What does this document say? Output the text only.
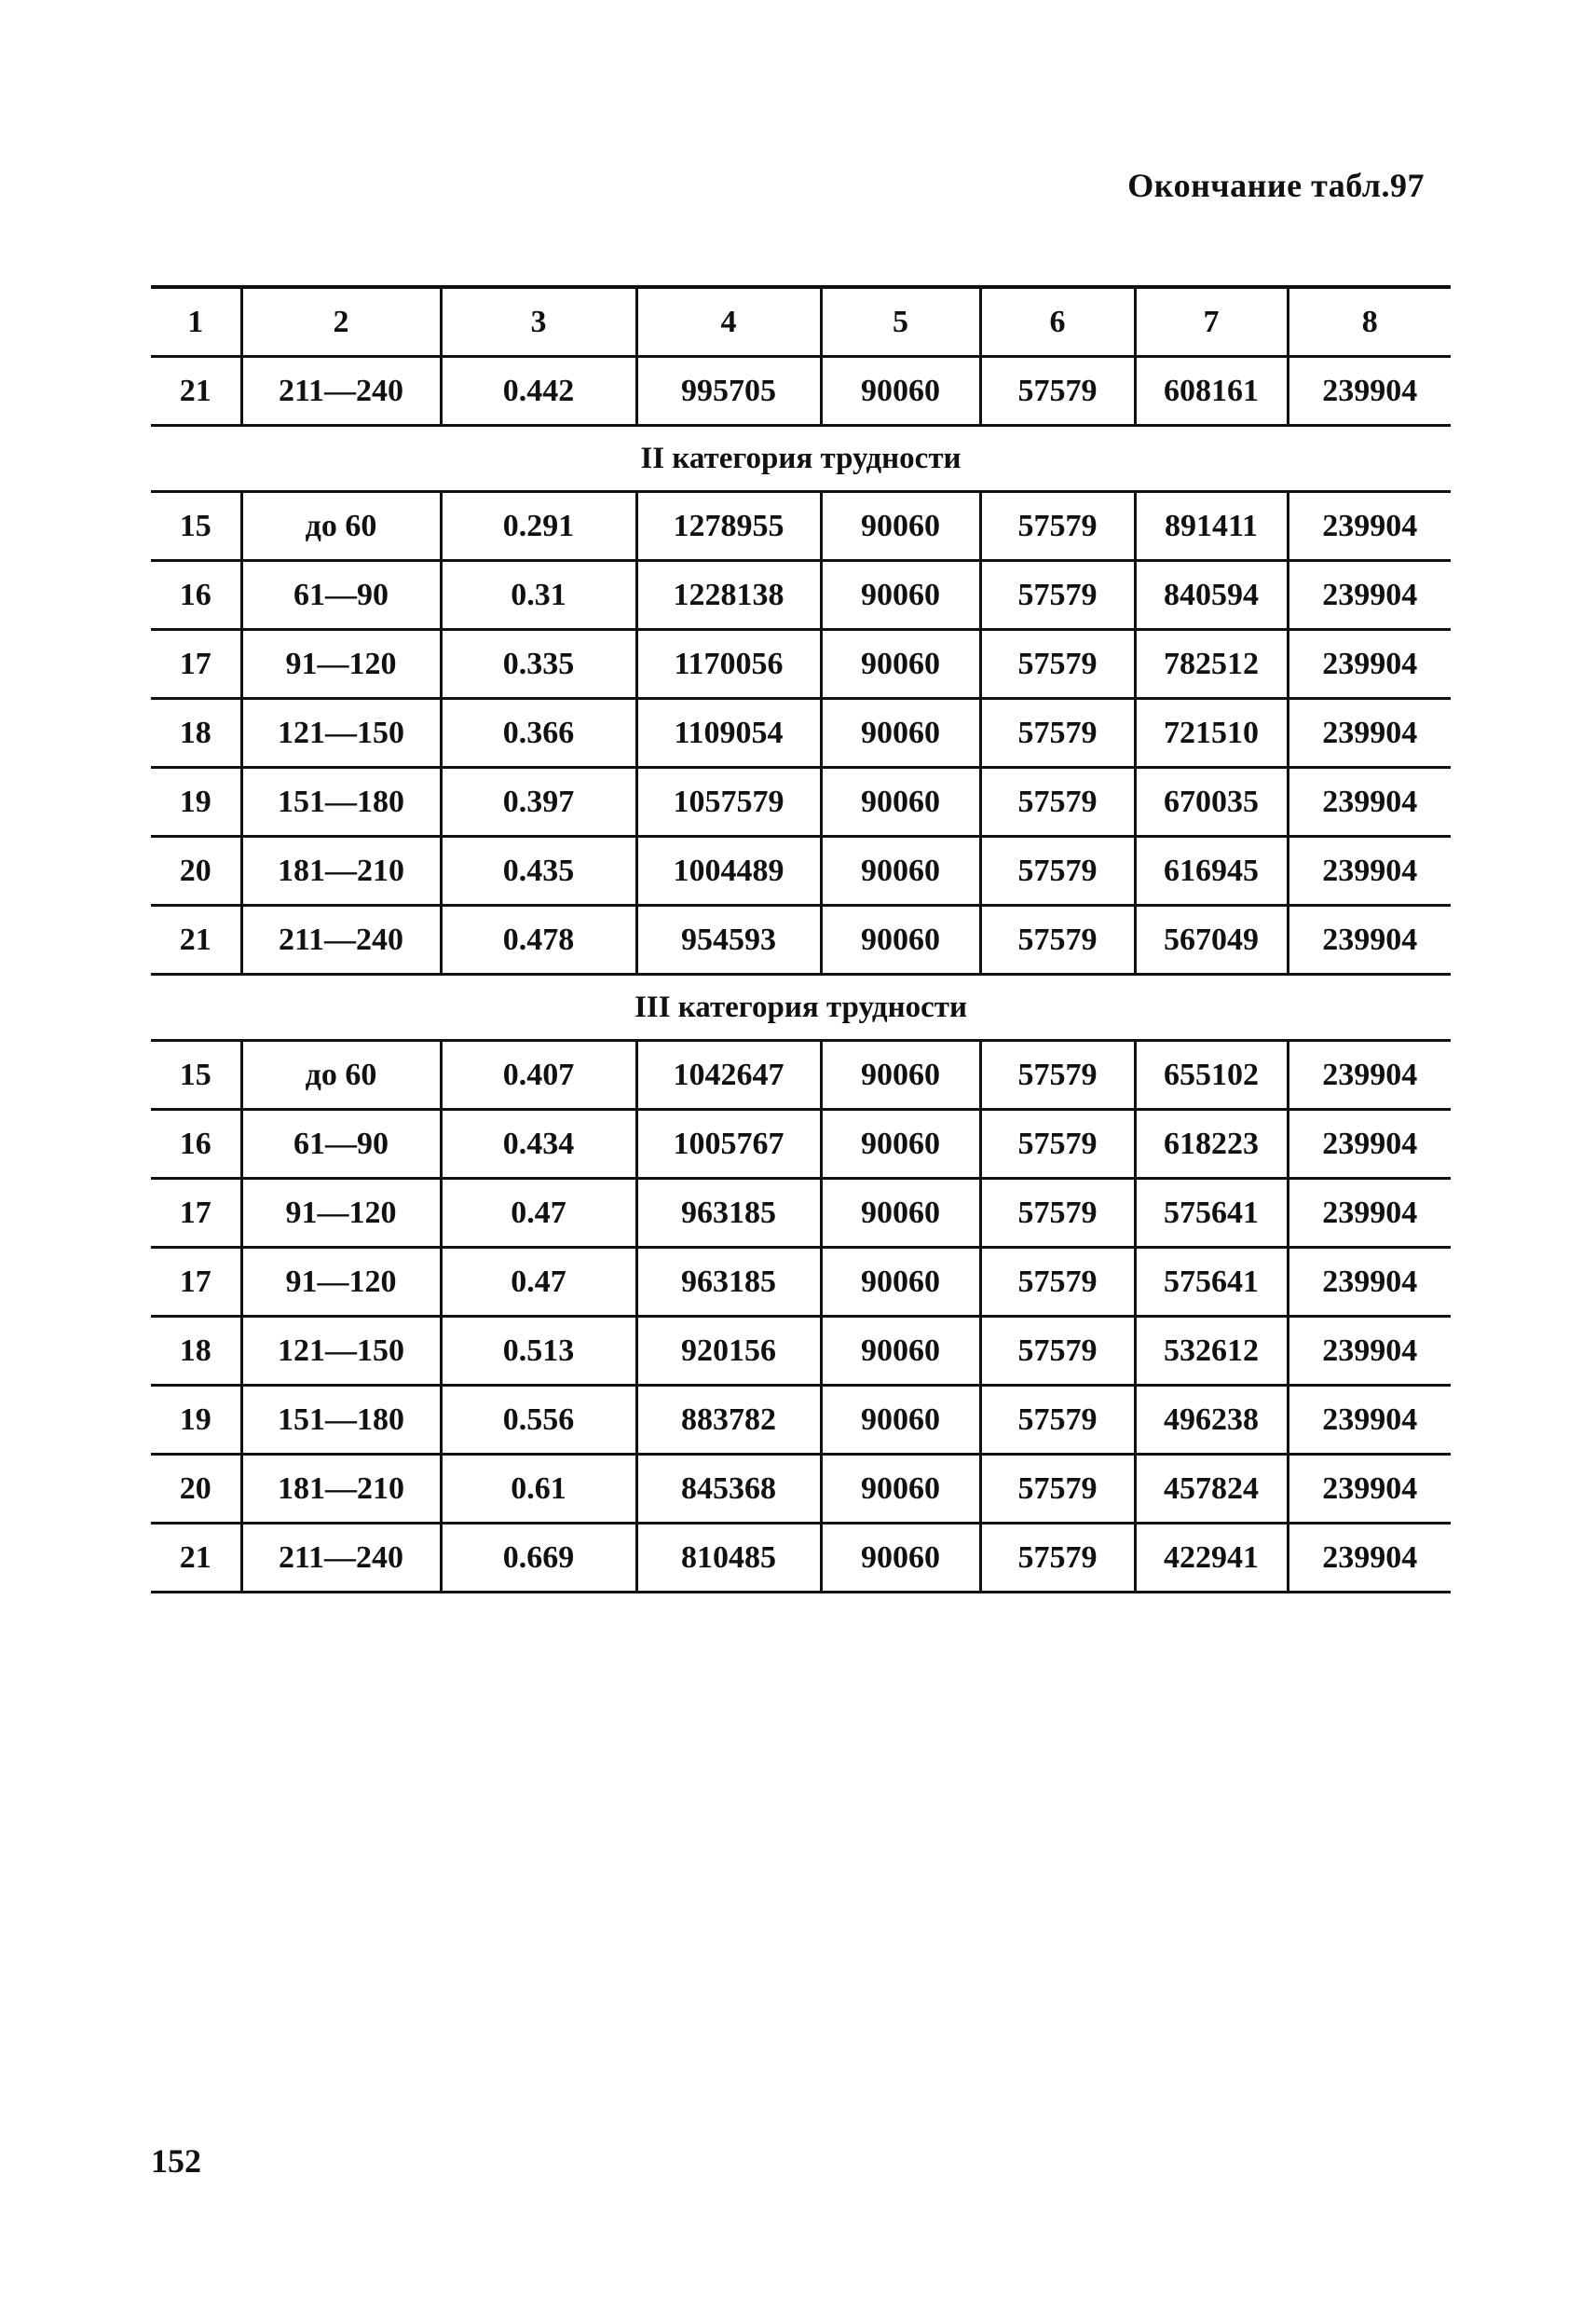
Окончание табл.97
1	2	3	4	5	6	7	8
21	211—240	0.442	995705	90060	57579	608161	239904
II категория трудности							
15	до 60	0.291	1278955	90060	57579	891411	239904
16	61—90	0.31	1228138	90060	57579	840594	239904
17	91—120	0.335	1170056	90060	57579	782512	239904
18	121—150	0.366	1109054	90060	57579	721510	239904
19	151—180	0.397	1057579	90060	57579	670035	239904
20	181—210	0.435	1004489	90060	57579	616945	239904
21	211—240	0.478	954593	90060	57579	567049	239904
III категория трудности							
15	до 60	0.407	1042647	90060	57579	655102	239904
16	61—90	0.434	1005767	90060	57579	618223	239904
17	91—120	0.47	963185	90060	57579	575641	239904
17	91—120	0.47	963185	90060	57579	575641	239904
18	121—150	0.513	920156	90060	57579	532612	239904
19	151—180	0.556	883782	90060	57579	496238	239904
20	181—210	0.61	845368	90060	57579	457824	239904
21	211—240	0.669	810485	90060	57579	422941	239904
152
